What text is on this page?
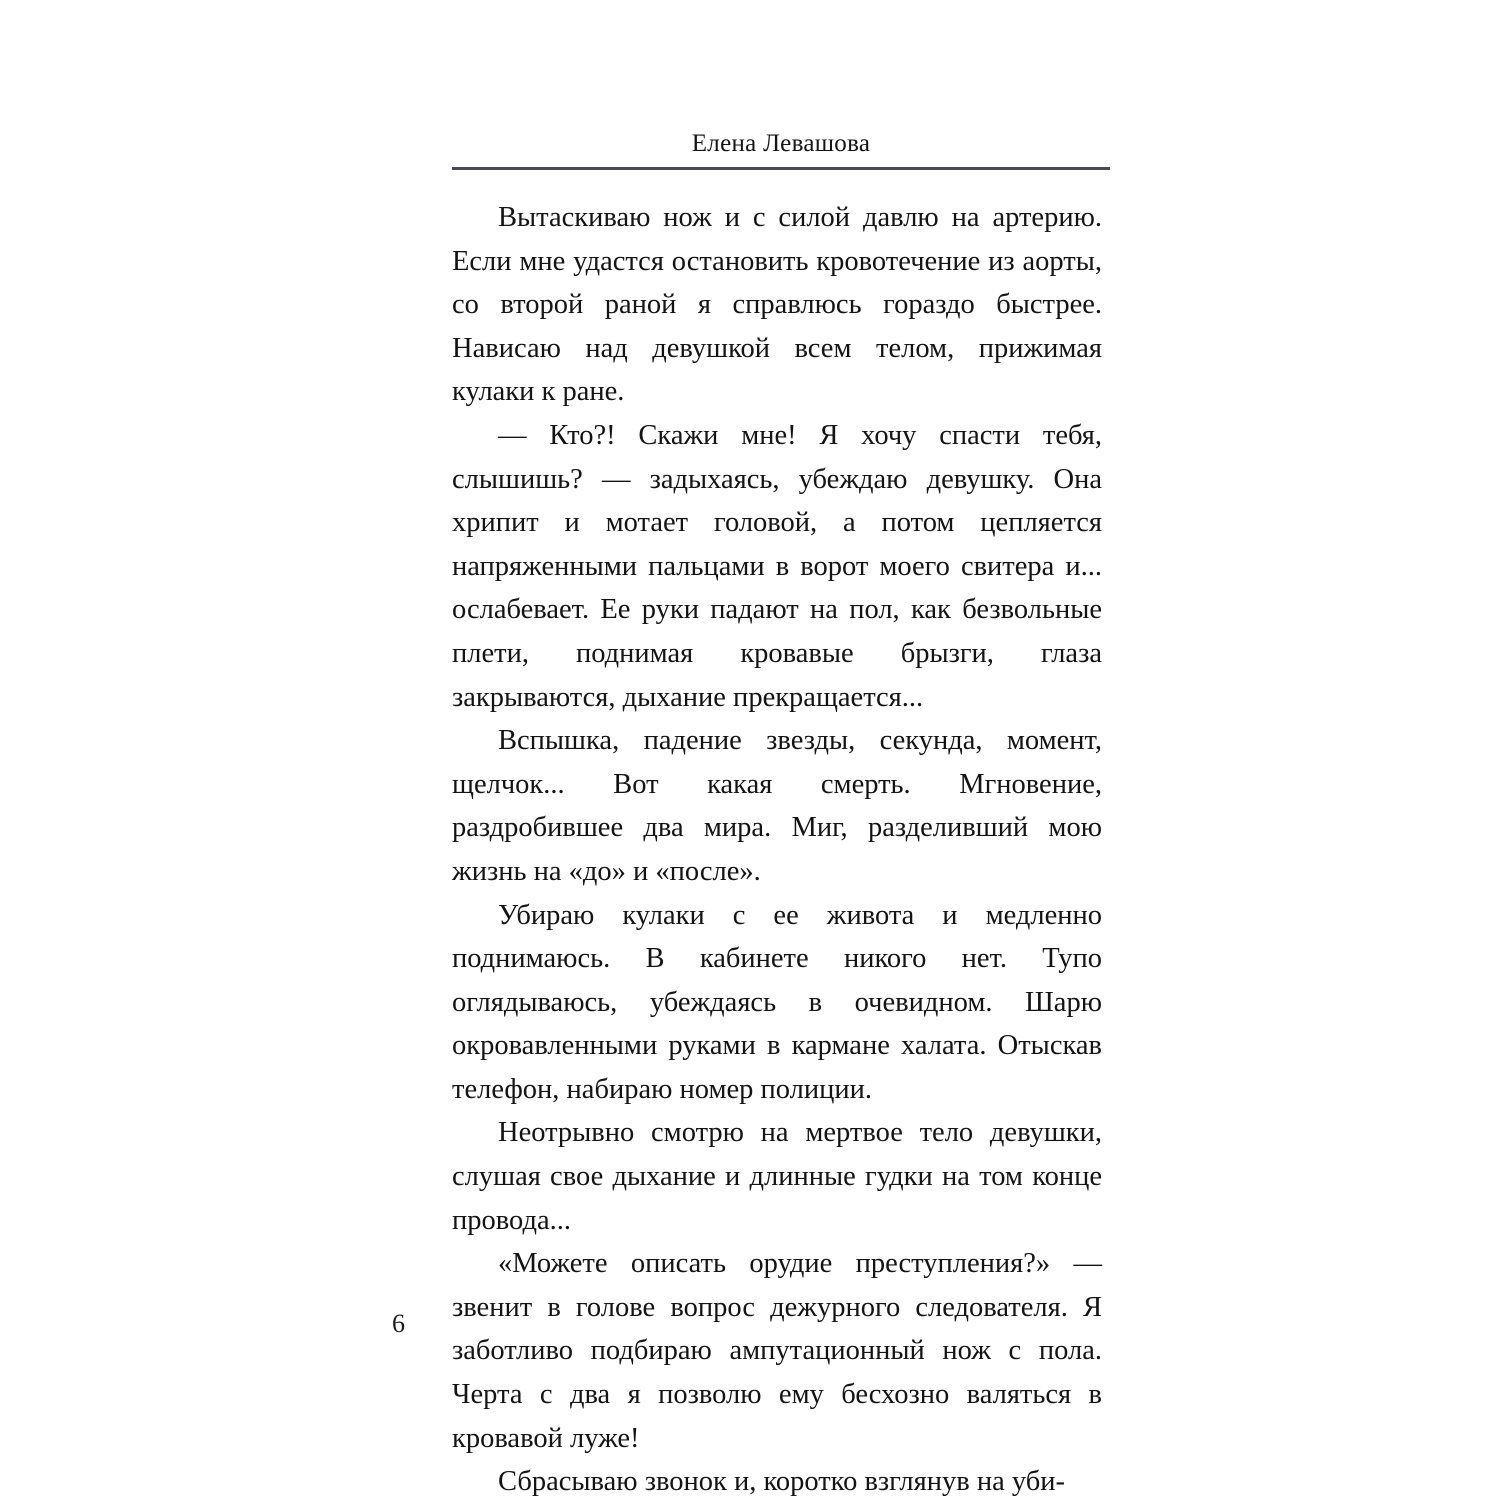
Елена Левашова

Вытаскиваю нож и с силой давлю на артерию. Если мне удастся остановить кровотечение из аорты, со второй раной я справлюсь гораздо быстрее. Нависаю над девушкой всем телом, прижимая кулаки к ране.

— Кто?! Скажи мне! Я хочу спасти тебя, слышишь? — задыхаясь, убеждаю девушку. Она хрипит и мотает головой, а потом цепляется напряженными пальцами в ворот моего свитера и... ослабевает. Ее руки падают на пол, как безвольные плети, поднимая кровавые брызги, глаза закрываются, дыхание прекращается...

Вспышка, падение звезды, секунда, момент, щелчок... Вот какая смерть. Мгновение, раздробившее два мира. Миг, разделивший мою жизнь на «до» и «после».

Убираю кулаки с ее живота и медленно поднимаюсь. В кабинете никого нет. Тупо оглядываюсь, убеждаясь в очевидном. Шарю окровавленными руками в кармане халата. Отыскав телефон, набираю номер полиции.

Неотрывно смотрю на мертвое тело девушки, слушая свое дыхание и длинные гудки на том конце провода...

«Можете описать орудие преступления?» — звенит в голове вопрос дежурного следователя. Я заботливо подбираю ампутационный нож с пола. Черта с два я позволю ему бесхозно валяться в кровавой луже!

Сбрасываю звонок и, коротко взглянув на уби-

6
